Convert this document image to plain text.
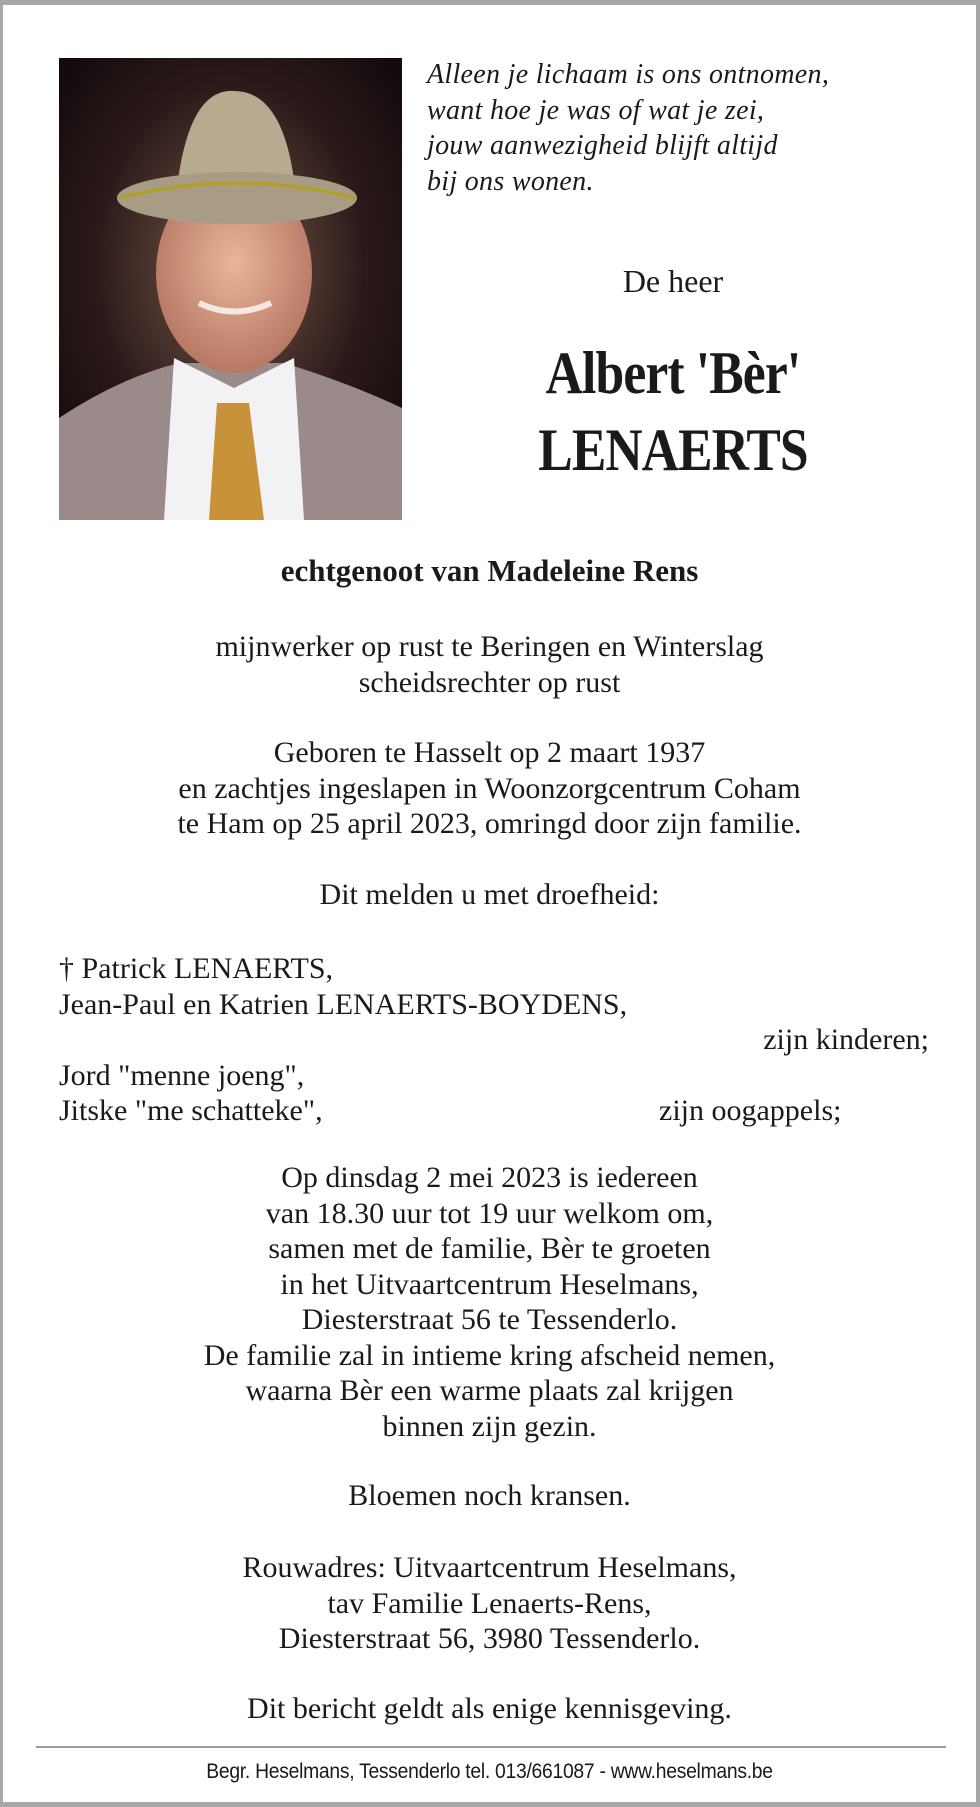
Alleen je lichaam is ons ontnomen,
want hoe je was of wat je zei,
jouw aanwezigheid blijft altijd
bij ons wonen.
De heer
Albert 'Bèr'
LENAERTS
echtgenoot van Madeleine Rens
mijnwerker op rust te Beringen en Winterslag
scheidsrechter op rust
Geboren te Hasselt op 2 maart 1937
en zachtjes ingeslapen in Woonzorgcentrum Coham
te Ham op 25 april 2023, omringd door zijn familie.
Dit melden u met droefheid:
† Patrick LENAERTS,
Jean-Paul en Katrien LENAERTS-BOYDENS,
zijn kinderen;
Jord "menne joeng",
Jitske "me schatteke",	zijn oogappels;
Op dinsdag 2 mei 2023 is iedereen
van 18.30 uur tot 19 uur welkom om,
samen met de familie, Bèr te groeten
in het Uitvaartcentrum Heselmans,
Diesterstraat 56 te Tessenderlo.
De familie zal in intieme kring afscheid nemen,
waarna Bèr een warme plaats zal krijgen
binnen zijn gezin.
Bloemen noch kransen.
Rouwadres: Uitvaartcentrum Heselmans,
tav Familie Lenaerts-Rens,
Diesterstraat 56, 3980 Tessenderlo.
Dit bericht geldt als enige kennisgeving.
Begr. Heselmans, Tessenderlo tel. 013/661087 - www.heselmans.be
